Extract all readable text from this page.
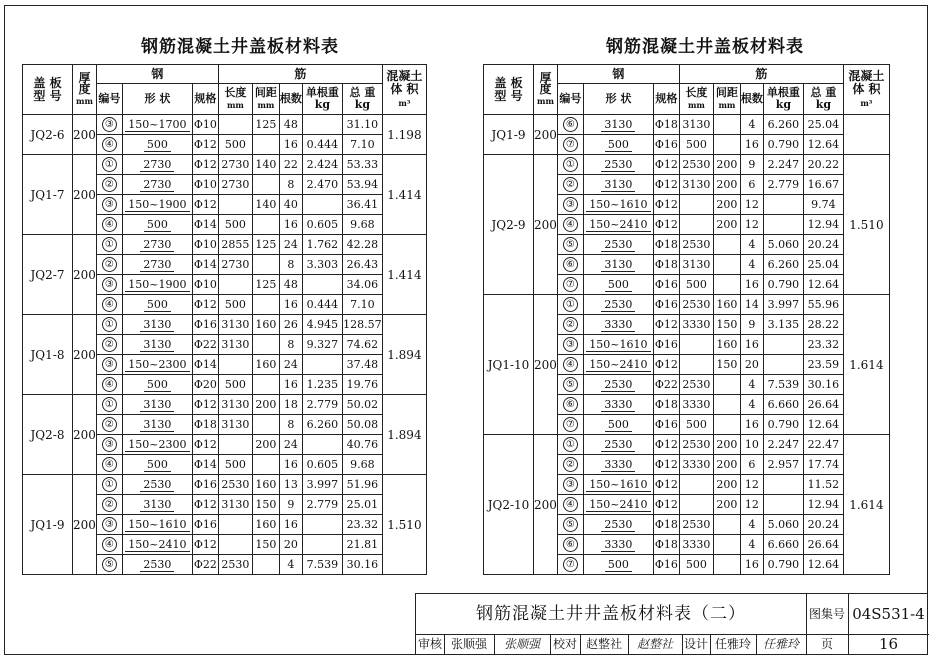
钢筋混凝土井盖板材料表	钢筋混凝土井盖板材料表
盖 板
型 号	厚
度
mm	钢			筋					混凝土
体 积
m³
		编号	形 状	规格	长度
mm	间距
mm	根数	单根重
kg	总 重
kg	
JQ2-6	200	③	150~1700	Φ10		125	48		31.10	1.198
		④	500	Φ12	500		16	0.444	7.10	
JQ1-7	200	①	2730	Φ12	2730	140	22	2.424	53.33	1.414
		②	2730	Φ10	2730		8	2.470	53.94	
		③	150~1900	Φ12		140	40		36.41	
		④	500	Φ14	500		16	0.605	9.68	
JQ2-7	200	①	2730	Φ10	2855	125	24	1.762	42.28	1.414
		②	2730	Φ14	2730		8	3.303	26.43	
		③	150~1900	Φ10		125	48		34.06	
		④	500	Φ12	500		16	0.444	7.10	
JQ1-8	200	①	3130	Φ16	3130	160	26	4.945	128.57	1.894
		②	3130	Φ22	3130		8	9.327	74.62	
		③	150~2300	Φ14		160	24		37.48	
		④	500	Φ20	500		16	1.235	19.76	
JQ2-8	200	①	3130	Φ12	3130	200	18	2.779	50.02	1.894
		②	3130	Φ18	3130		8	6.260	50.08	
		③	150~2300	Φ12		200	24		40.76	
		④	500	Φ14	500		16	0.605	9.68	
JQ1-9	200	①	2530	Φ16	2530	160	13	3.997	51.96	1.510
		②	3130	Φ12	3130	150	9	2.779	25.01	
		③	150~1610	Φ16		160	16		23.32	
		④	150~2410	Φ12		150	20		21.81	
		⑤	2530	Φ22	2530		4	7.539	30.16	
盖 板
型 号	厚
度
mm	钢			筋					混凝土
体 积
m³
		编号	形 状	规格	长度
mm	间距
mm	根数	单根重
kg	总 重
kg	
JQ1-9	200	⑥	3130	Φ18	3130		4	6.260	25.04	
		⑦	500	Φ16	500		16	0.790	12.64	
JQ2-9	200	①	2530	Φ12	2530	200	9	2.247	20.22	1.510
		②	3130	Φ12	3130	200	6	2.779	16.67	
		③	150~1610	Φ12		200	12		9.74	
		④	150~2410	Φ12		200	12		12.94	
		⑤	2530	Φ18	2530		4	5.060	20.24	
		⑥	3130	Φ18	3130		4	6.260	25.04	
		⑦	500	Φ16	500		16	0.790	12.64	
JQ1-10	200	①	2530	Φ16	2530	160	14	3.997	55.96	1.614
		②	3330	Φ12	3330	150	9	3.135	28.22	
		③	150~1610	Φ16		160	16		23.32	
		④	150~2410	Φ12		150	20		23.59	
		⑤	2530	Φ22	2530		4	7.539	30.16	
		⑥	3330	Φ18	3330		4	6.660	26.64	
		⑦	500	Φ16	500		16	0.790	12.64	
JQ2-10	200	①	2530	Φ12	2530	200	10	2.247	22.47	1.614
		②	3330	Φ12	3330	200	6	2.957	17.74	
		③	150~1610	Φ12		200	12		11.52	
		④	150~2410	Φ12		200	12		12.94	
		⑤	2530	Φ18	2530		4	5.060	20.24	
		⑥	3330	Φ18	3330		4	6.660	26.64	
		⑦	500	Φ16	500		16	0.790	12.64	
钢筋混凝土井井盖板材料表（二）	图集号 04S531-4
审核 张顺强	张顺强	校对 赵整社	赵整社 设计 任雅玲 任雅玲	页	16
